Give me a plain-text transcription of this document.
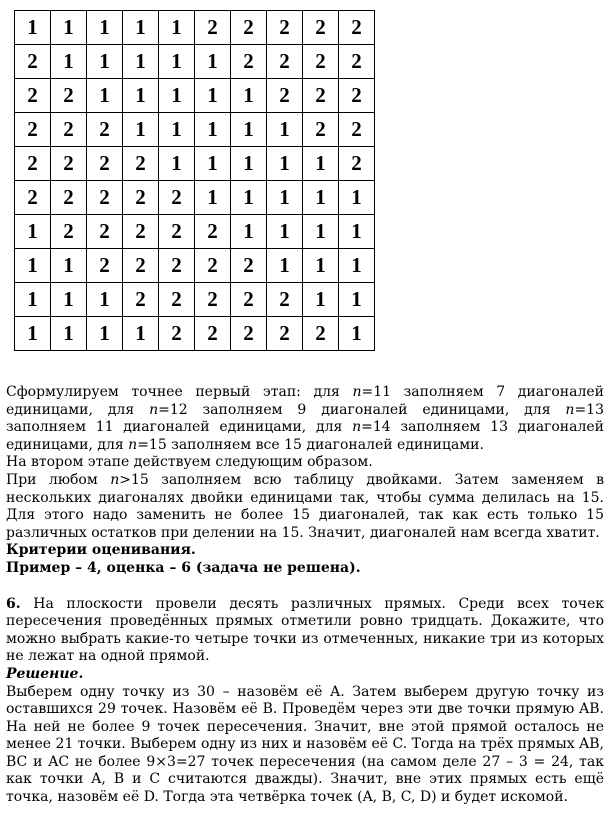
1	1	1	1	1	2	2	2	2	2
2	1	1	1	1	1	2	2	2	2
2	2	1	1	1	1	1	2	2	2
2	2	2	1	1	1	1	1	2	2
2	2	2	2	1	1	1	1	1	2
2	2	2	2	2	1	1	1	1	1
1	2	2	2	2	2	1	1	1	1
1	1	2	2	2	2	2	1	1	1
1	1	1	2	2	2	2	2	1	1
1	1	1	1	2	2	2	2	2	1

Сформулируем точнее первый этап: для n=11 заполняем 7 диагоналей единицами, для n=12 заполняем 9 диагоналей единицами, для n=13 заполняем 11 диагоналей единицами, для n=14 заполняем 13 диагоналей единицами, для n=15 заполняем все 15 диагоналей единицами.

На втором этапе действуем следующим образом.

При любом n>15 заполняем всю таблицу двойками. Затем заменяем в нескольких диагоналях двойки единицами так, чтобы сумма делилась на 15. Для этого надо заменить не более 15 диагоналей, так как есть только 15 различных остатков при делении на 15. Значит, диагоналей нам всегда хватит.

Критерии оценивания.

Пример – 4, оценка – 6 (задача не решена).

6. На плоскости провели десять различных прямых. Среди всех точек пересечения проведённых прямых отметили ровно тридцать. Докажите, что можно выбрать какие-то четыре точки из отмеченных, никакие три из которых не лежат на одной прямой.

Решение.

Выберем одну точку из 30 – назовём её A. Затем выберем другую точку из оставшихся 29 точек. Назовём её B. Проведём через эти две точки прямую AB. На ней не более 9 точек пересечения. Значит, вне этой прямой осталось не менее 21 точки. Выберем одну из них и назовём её C. Тогда на трёх прямых AB, BC и AC не более 9×3=27 точек пересечения (на самом деле 27 – 3 = 24, так как точки A, B и C считаются дважды). Значит, вне этих прямых есть ещё точка, назовём её D. Тогда эта четвёрка точек (A, B, C, D) и будет искомой.
